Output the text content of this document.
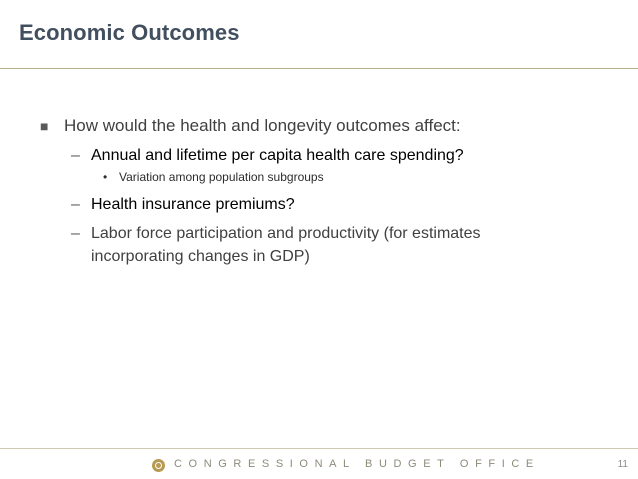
Economic Outcomes
■ How would the health and longevity outcomes affect:
– Annual and lifetime per capita health care spending?
• Variation among population subgroups
– Health insurance premiums?
– Labor force participation and productivity (for estimates incorporating changes in GDP)
CONGRESSIONAL BUDGET OFFICE	11
